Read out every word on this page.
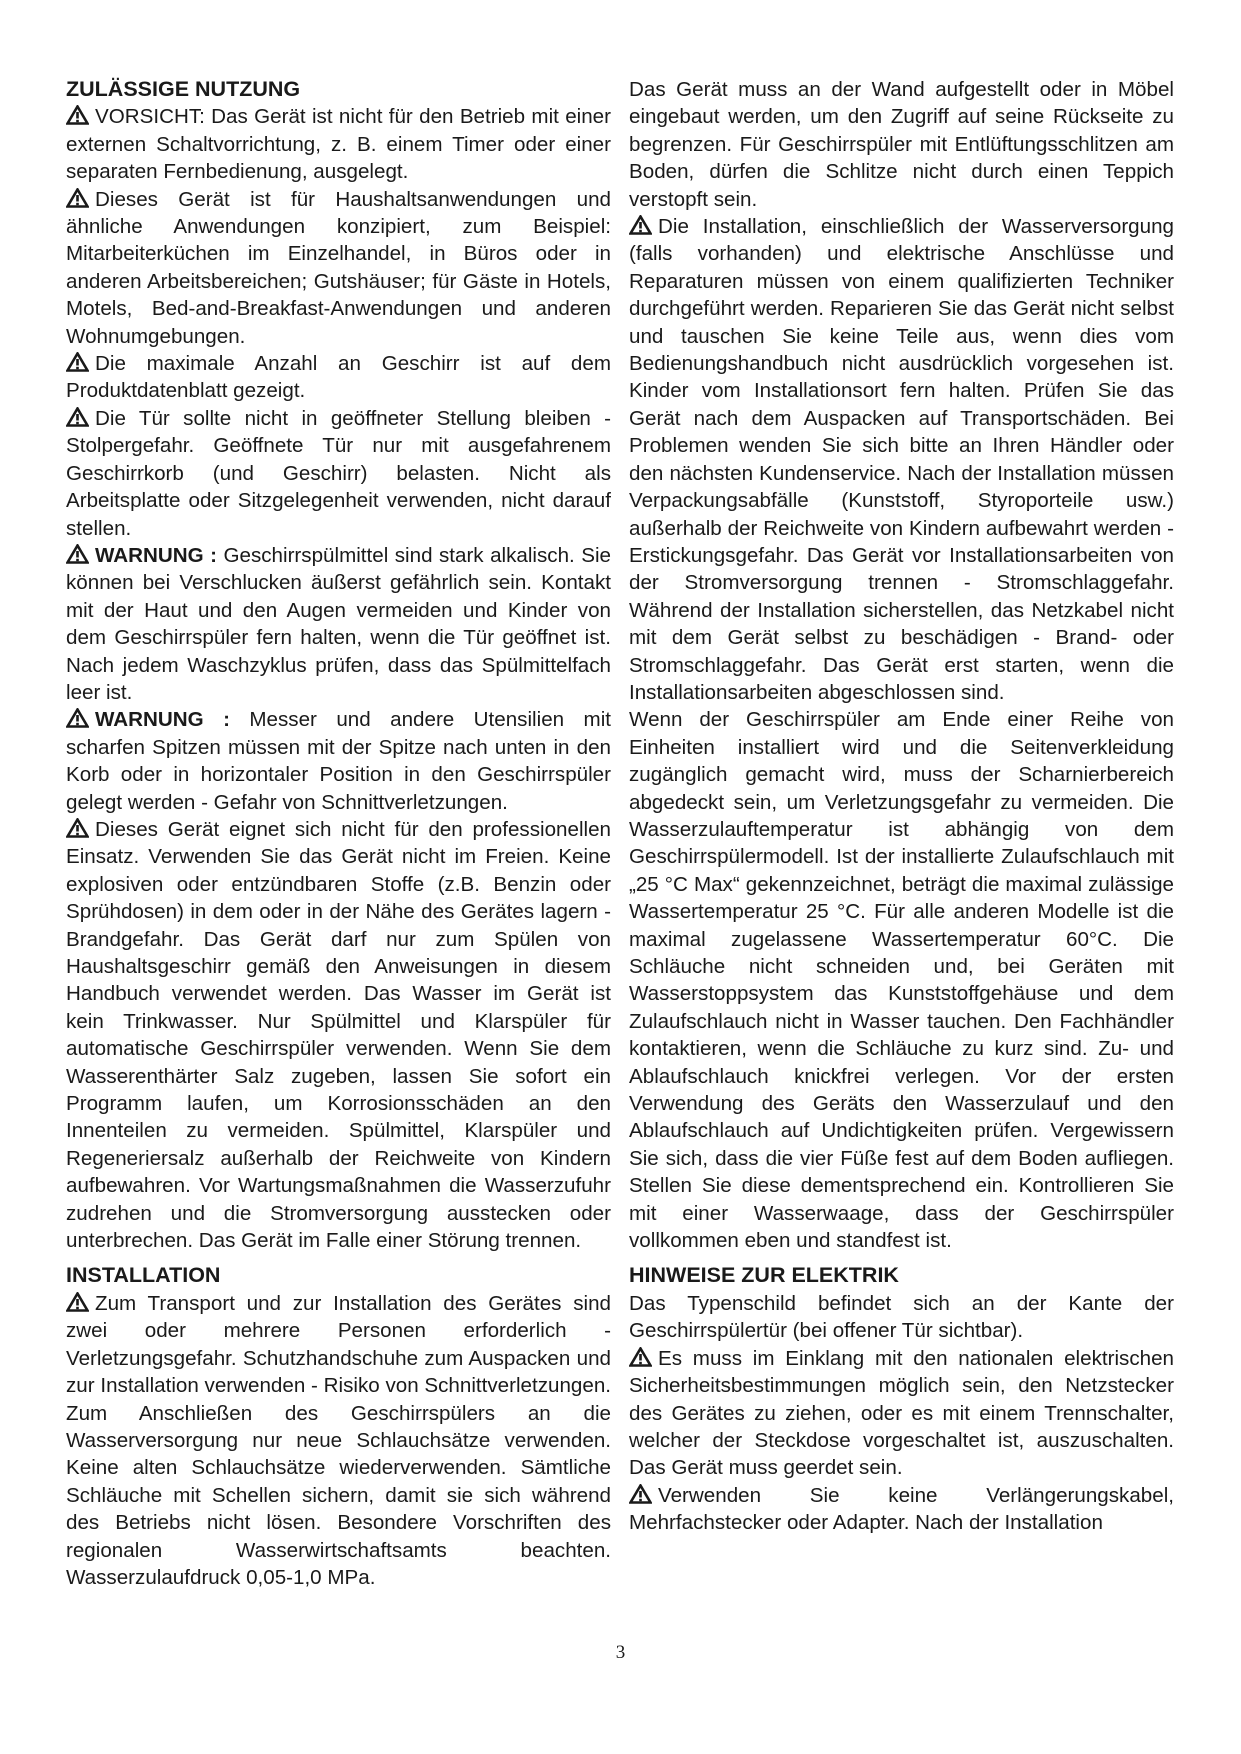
ZULÄSSIGE NUTZUNG

VORSICHT: Das Gerät ist nicht für den Betrieb mit einer externen Schaltvorrichtung, z. B. einem Timer oder einer separaten Fernbedienung, ausgelegt.

Dieses Gerät ist für Haushaltsanwendungen und ähnliche Anwendungen konzipiert, zum Beispiel: Mitarbeiterküchen im Einzelhandel, in Büros oder in anderen Arbeitsbereichen; Gutshäuser; für Gäste in Hotels, Motels, Bed-and-Breakfast-Anwendungen und anderen Wohnumgebungen.

Die maximale Anzahl an Geschirr ist auf dem Produktdatenblatt gezeigt.

Die Tür sollte nicht in geöffneter Stellung bleiben - Stolpergefahr. Geöffnete Tür nur mit ausgefahrenem Geschirrkorb (und Geschirr) belasten. Nicht als Arbeitsplatte oder Sitzgelegenheit verwenden, nicht darauf stellen.

WARNUNG : Geschirrspülmittel sind stark alkalisch. Sie können bei Verschlucken äußerst gefährlich sein. Kontakt mit der Haut und den Augen vermeiden und Kinder von dem Geschirrspüler fern halten, wenn die Tür geöffnet ist. Nach jedem Waschzyklus prüfen, dass das Spülmittelfach leer ist.

WARNUNG : Messer und andere Utensilien mit scharfen Spitzen müssen mit der Spitze nach unten in den Korb oder in horizontaler Position in den Geschirrspüler gelegt werden - Gefahr von Schnittverletzungen.

Dieses Gerät eignet sich nicht für den professionellen Einsatz. Verwenden Sie das Gerät nicht im Freien. Keine explosiven oder entzündbaren Stoffe (z.B. Benzin oder Sprühdosen) in dem oder in der Nähe des Gerätes lagern - Brandgefahr. Das Gerät darf nur zum Spülen von Haushaltsgeschirr gemäß den Anweisungen in diesem Handbuch verwendet werden. Das Wasser im Gerät ist kein Trinkwasser. Nur Spülmittel und Klarspüler für automatische Geschirrspüler verwenden. Wenn Sie dem Wasserenthärter Salz zugeben, lassen Sie sofort ein Programm laufen, um Korrosionsschäden an den Innenteilen zu vermeiden. Spülmittel, Klarspüler und Regeneriersalz außerhalb der Reichweite von Kindern aufbewahren. Vor Wartungsmaßnahmen die Wasserzufuhr zudrehen und die Stromversorgung ausstecken oder unterbrechen. Das Gerät im Falle einer Störung trennen.

INSTALLATION

Zum Transport und zur Installation des Gerätes sind zwei oder mehrere Personen erforderlich - Verletzungsgefahr. Schutzhandschuhe zum Auspacken und zur Installation verwenden - Risiko von Schnittverletzungen. Zum Anschließen des Geschirrspülers an die Wasserversorgung nur neue Schlauchsätze verwenden. Keine alten Schlauchsätze wiederverwenden. Sämtliche Schläuche mit Schellen sichern, damit sie sich während des Betriebs nicht lösen. Besondere Vorschriften des regionalen Wasserwirtschaftsamts beachten. Wasserzulaufdruck 0,05-1,0 MPa.

Das Gerät muss an der Wand aufgestellt oder in Möbel eingebaut werden, um den Zugriff auf seine Rückseite zu begrenzen. Für Geschirrspüler mit Entlüftungsschlitzen am Boden, dürfen die Schlitze nicht durch einen Teppich verstopft sein.

Die Installation, einschließlich der Wasserversorgung (falls vorhanden) und elektrische Anschlüsse und Reparaturen müssen von einem qualifizierten Techniker durchgeführt werden. Reparieren Sie das Gerät nicht selbst und tauschen Sie keine Teile aus, wenn dies vom Bedienungshandbuch nicht ausdrücklich vorgesehen ist. Kinder vom Installationsort fern halten. Prüfen Sie das Gerät nach dem Auspacken auf Transportschäden. Bei Problemen wenden Sie sich bitte an Ihren Händler oder den nächsten Kundenservice. Nach der Installation müssen Verpackungsabfälle (Kunststoff, Styroporteile usw.) außerhalb der Reichweite von Kindern aufbewahrt werden - Erstickungsgefahr. Das Gerät vor Installationsarbeiten von der Stromversorgung trennen - Stromschlaggefahr. Während der Installation sicherstellen, das Netzkabel nicht mit dem Gerät selbst zu beschädigen - Brand- oder Stromschlaggefahr. Das Gerät erst starten, wenn die Installationsarbeiten abgeschlossen sind.

Wenn der Geschirrspüler am Ende einer Reihe von Einheiten installiert wird und die Seitenverkleidung zugänglich gemacht wird, muss der Scharnierbereich abgedeckt sein, um Verletzungsgefahr zu vermeiden. Die Wasserzulauftemperatur ist abhängig von dem Geschirrspülermodell. Ist der installierte Zulaufschlauch mit „25 °C Max“ gekennzeichnet, beträgt die maximal zulässige Wassertemperatur 25 °C. Für alle anderen Modelle ist die maximal zugelassene Wassertemperatur 60°C. Die Schläuche nicht schneiden und, bei Geräten mit Wasserstoppsystem das Kunststoffgehäuse und dem Zulaufschlauch nicht in Wasser tauchen. Den Fachhändler kontaktieren, wenn die Schläuche zu kurz sind. Zu- und Ablaufschlauch knickfrei verlegen. Vor der ersten Verwendung des Geräts den Wasserzulauf und den Ablaufschlauch auf Undichtigkeiten prüfen. Vergewissern Sie sich, dass die vier Füße fest auf dem Boden aufliegen. Stellen Sie diese dementsprechend ein. Kontrollieren Sie mit einer Wasserwaage, dass der Geschirrspüler vollkommen eben und standfest ist.

HINWEISE ZUR ELEKTRIK

Das Typenschild befindet sich an der Kante der Geschirrspülertür (bei offener Tür sichtbar).

Es muss im Einklang mit den nationalen elektrischen Sicherheitsbestimmungen möglich sein, den Netzstecker des Gerätes zu ziehen, oder es mit einem Trennschalter, welcher der Steckdose vorgeschaltet ist, auszuschalten. Das Gerät muss geerdet sein.

Verwenden Sie keine Verlängerungskabel, Mehrfachstecker oder Adapter. Nach der Installation

3
